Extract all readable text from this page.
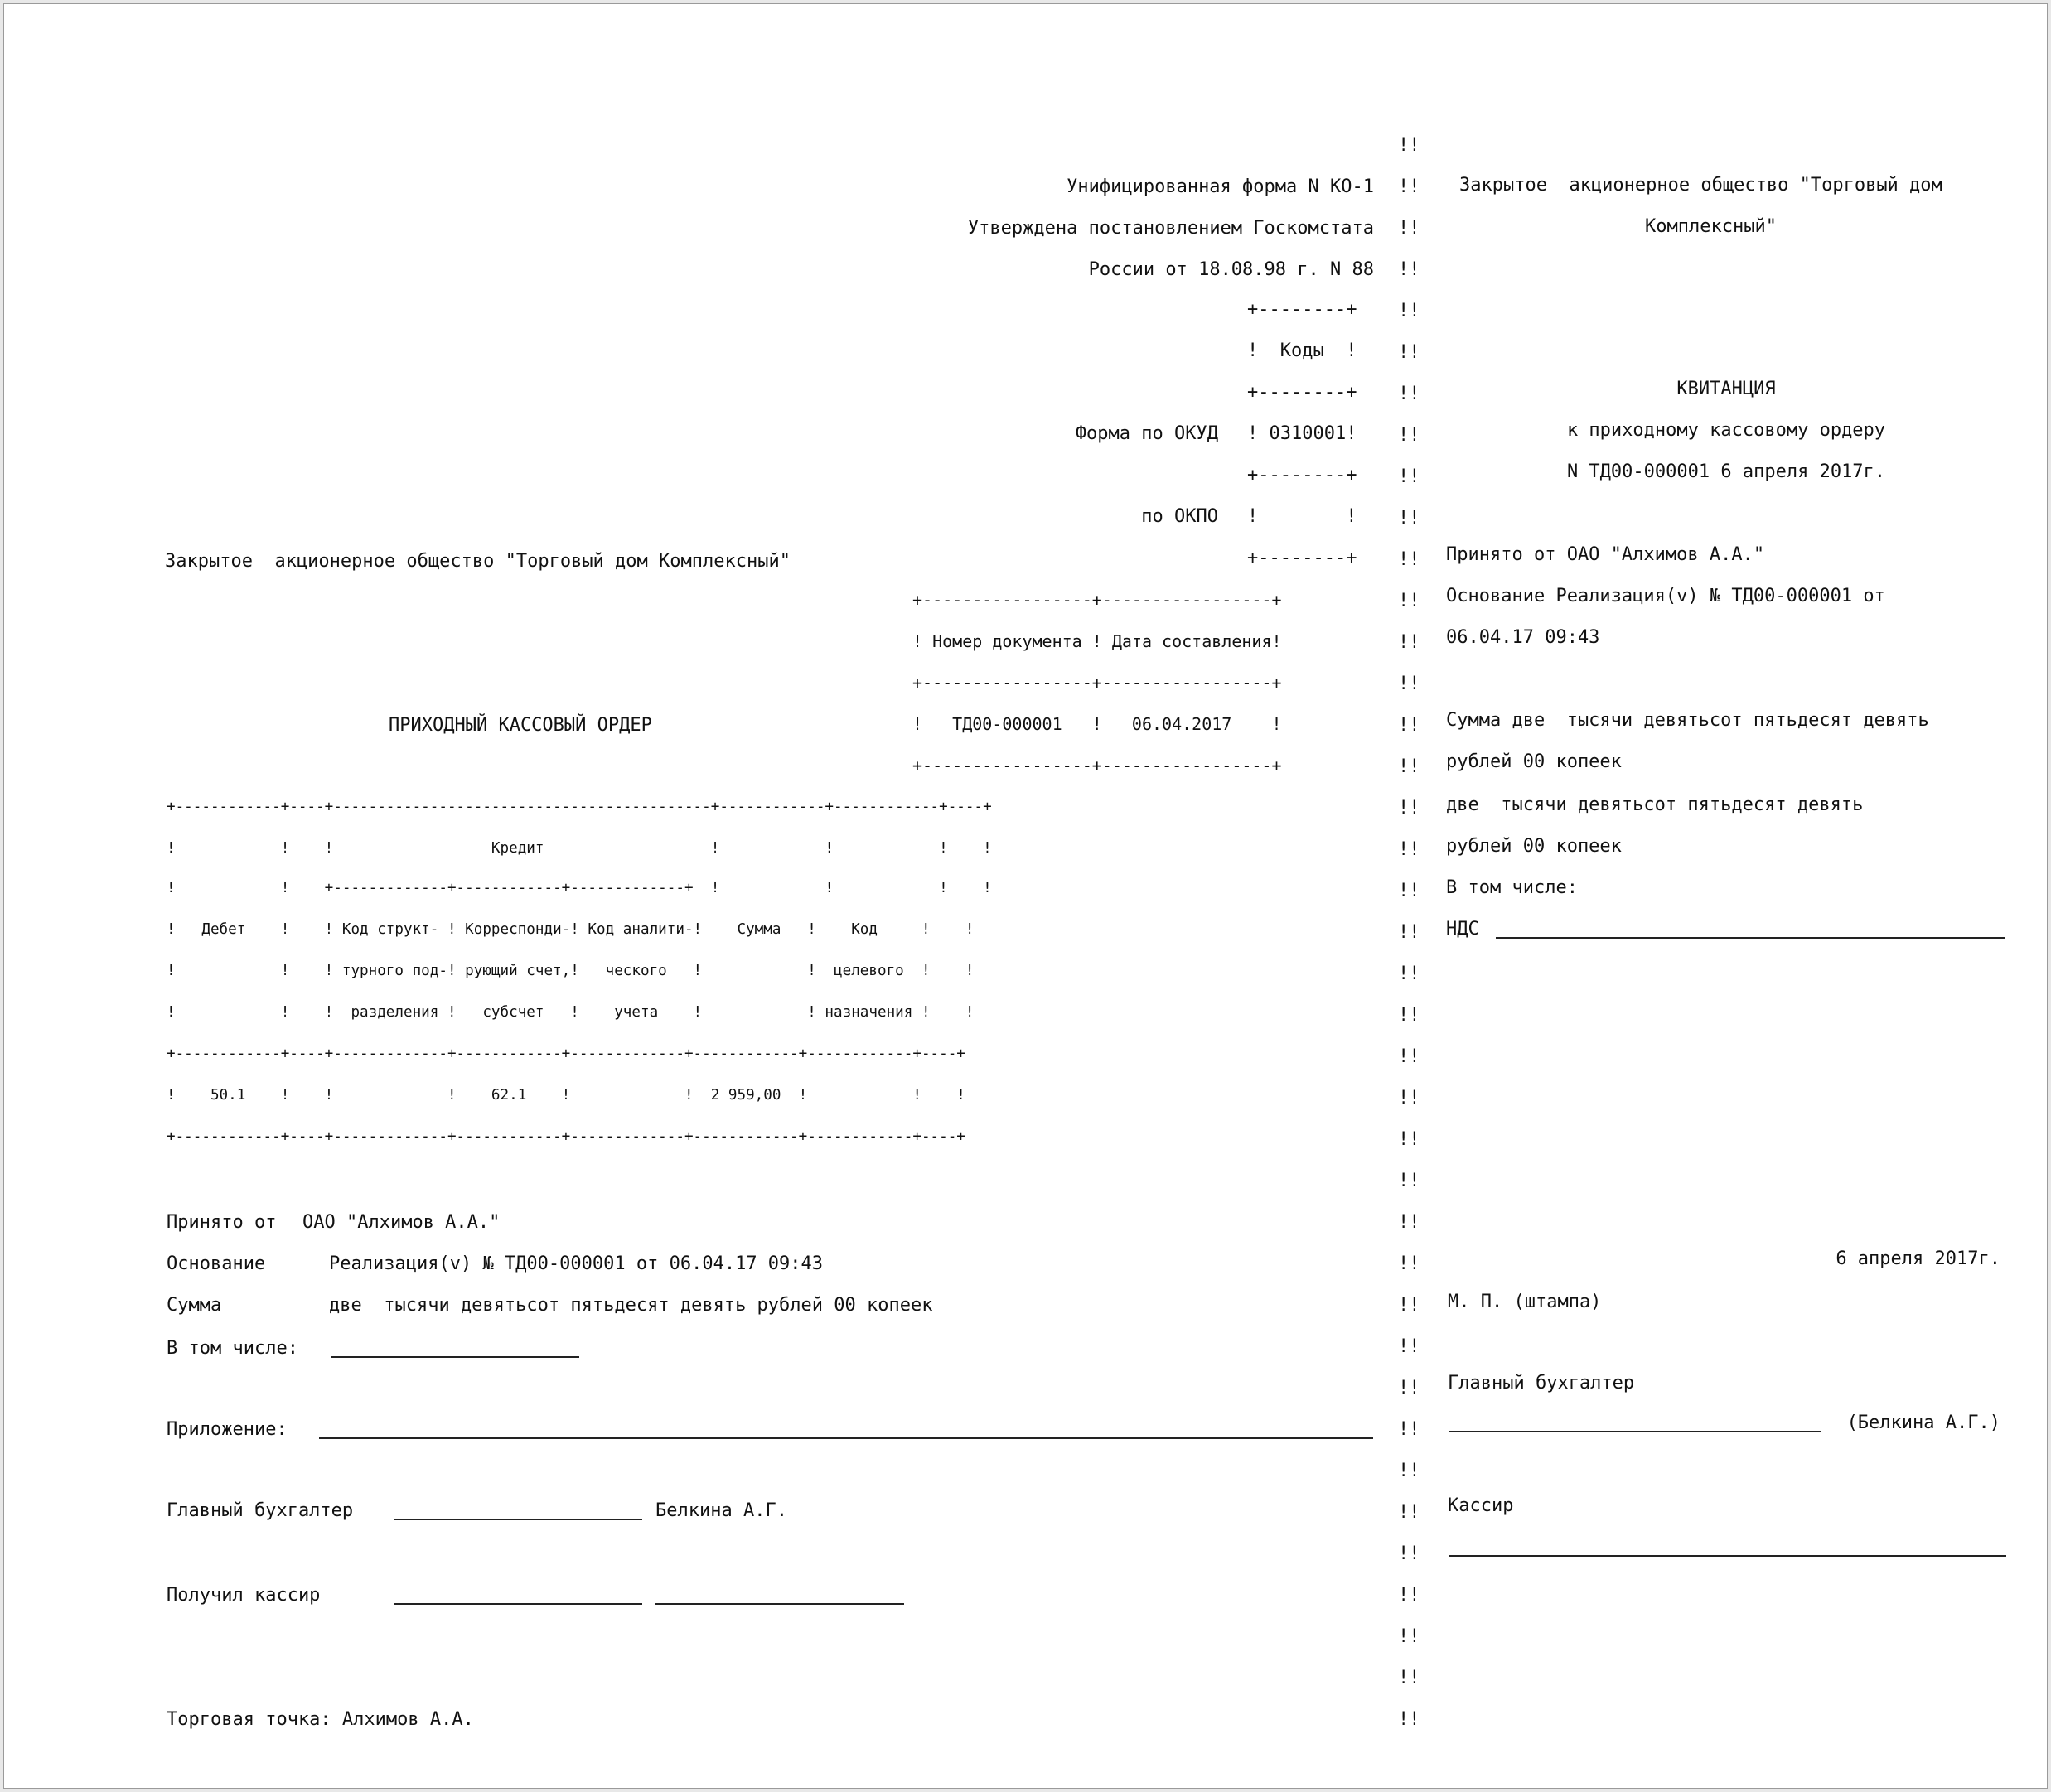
Унифицированная форма N КО-1
Утверждена постановлением Госкомстата
России от 18.08.98 г. N 88
+--------+
!  Коды  !
+--------+
Форма по ОКУД ! 0310001!
+--------+
по ОКПО !        !
+--------+
Закрытое  акционерное общество "Торговый дом Комплексный"
+-----------------+-----------------+
! Номер документа ! Дата составления!
+-----------------+-----------------+
!   ТД00-000001   !   06.04.2017    !
+-----------------+-----------------+
ПРИХОДНЫЙ КАССОВЫЙ ОРДЕР
+------------+----+-------------------------------------------+------------+------------+----+
!            !    !                  Кредит                   !            !            !    !
!            !    +-------------+------------+-------------+  !            !            !    !
!   Дебет    !    ! Код структ- ! Корреспонди-! Код аналити-!    Сумма   !    Код     !    !
!            !    ! турного под-! рующий счет,!   ческого   !            !  целевого  !    !
!            !    !  разделения !   субсчет   !    учета    !            ! назначения !    !
+------------+----+-------------+------------+-------------+------------+------------+----+
!    50.1    !    !             !    62.1    !             !  2 959,00  !            !    !
+------------+----+-------------+------------+-------------+------------+------------+----+
Принято от ОАО "Алхимов А.А."
Основание	Реализация(v) № ТД00-000001 от 06.04.17 09:43
Сумма	две  тысячи девятьсот пятьдесят девять рублей 00 копеек
В том числе:
Приложение:
Главный бухгалтер	Белкина А.Г.
Получил кассир
Торговая точка: Алхимов А.А.
!!
!!
!!
!!
!!
!!
!!
!!
!!
!!
!!
!!
!!
!!
!!
!!
!!
!!
!!
!!
!!
!!
!!
!!
!!
!!
!!
!!
!!
!!
!!
!!
!!
!!
!!
!!
!!
!!
!!
Закрытое  акционерное общество "Торговый дом
Комплексный"
КВИТАНЦИЯ
к приходному кассовому ордеру
N ТД00-000001 6 апреля 2017г.
Принято от ОАО "Алхимов А.А."
Основание Реализация(v) № ТД00-000001 от
06.04.17 09:43
Сумма две  тысячи девятьсот пятьдесят девять
рублей 00 копеек
две  тысячи девятьсот пятьдесят девять
рублей 00 копеек
В том числе:
НДС
6 апреля 2017г.
М. П. (штампа)
Главный бухгалтер
(Белкина А.Г.)
Кассир
